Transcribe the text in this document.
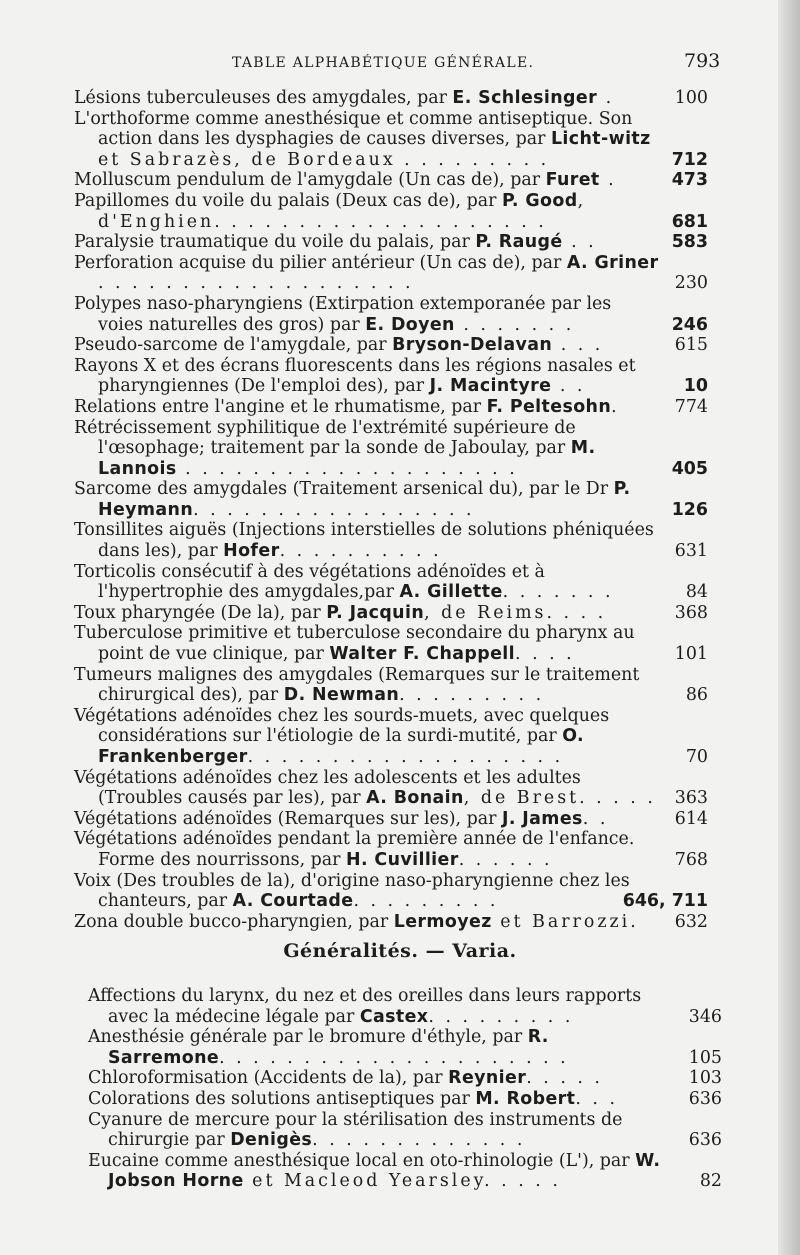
TABLE ALPHABÉTIQUE GÉNÉRALE.	793
Lésions tuberculeuses des amygdales, par E. Schlesinger .	100
L'orthoforme comme anesthésique et comme antiseptique. Son action dans les dysphagies de causes diverses, par Licht-witz et Sabrazès, de Bordeaux . . . . . . . . .	712
Molluscum pendulum de l'amygdale (Un cas de), par Furet .	473
Papillomes du voile du palais (Deux cas de), par P. Good, d'Enghien. . . . . . . . . . . . . . . . . . . .	681
Paralysie traumatique du voile du palais, par P. Raugé . .	583
Perforation acquise du pilier antérieur (Un cas de), par A. Griner . . . . . . . . . . . . . . . . . . .	230
Polypes naso-pharyngiens (Extirpation extemporanée par les voies naturelles des gros) par E. Doyen . . . . . . .	246
Pseudo-sarcome de l'amygdale, par Bryson-Delavan . . .	615
Rayons X et des écrans fluorescents dans les régions nasales et pharyngiennes (De l'emploi des), par J. Macintyre . .	10
Relations entre l'angine et le rhumatisme, par F. Peltesohn.	774
Rétrécissement syphilitique de l'extrémité supérieure de l'œsophage; traitement par la sonde de Jaboulay, par M. Lannois . . . . . . . . . . . . . . . . . . . .	405
Sarcome des amygdales (Traitement arsenical du), par le Dr P. Heymann. . . . . . . . . . . . . . . . .	126
Tonsillites aiguës (Injections interstielles de solutions phéniquées dans les), par Hofer. . . . . . . . . .	631
Torticolis consécutif à des végétations adénoïdes et à l'hypertrophie des amygdales,par A. Gillette. . . . . . .	84
Toux pharyngée (De la), par P. Jacquin, de Reims. . . .	368
Tuberculose primitive et tuberculose secondaire du pharynx au point de vue clinique, par Walter F. Chappell. . . .	101
Tumeurs malignes des amygdales (Remarques sur le traitement chirurgical des), par D. Newman. . . . . . . . .	86
Végétations adénoïdes chez les sourds-muets, avec quelques considérations sur l'étiologie de la surdi-mutité, par O. Frankenberger. . . . . . . . . . . . . . . . . . .	70
Végétations adénoïdes chez les adolescents et les adultes (Troubles causés par les), par A. Bonain, de Brest. . . . . 363
Végétations adénoïdes (Remarques sur les), par J. James. .	614
Végétations adénoïdes pendant la première année de l'enfance. Forme des nourrissons, par H. Cuvillier. . . . . .	768
Voix (Des troubles de la), d'origine naso-pharyngienne chez les chanteurs, par A. Courtade. . . . . . . . .	646, 711
Zona double bucco-pharyngien, par Lermoyez et Barrozzi. 632
Généralités. — Varia.
Affections du larynx, du nez et des oreilles dans leurs rapports avec la médecine légale par Castex. . . . . . . . .	346
Anesthésie générale par le bromure d'éthyle, par R. Sarremone. . . . . . . . . . . . . . . . . . . . .	105
Chloroformisation (Accidents de la), par Reynier. . . . .	103
Colorations des solutions antiseptiques par M. Robert. . .	636
Cyanure de mercure pour la stérilisation des instruments de chirurgie par Denigès. . . . . . . . . . . . .	636
Eucaine comme anesthésique local en oto-rhinologie (L'), par W. Jobson Horne et Macleod Yearsley. . . . .	82
